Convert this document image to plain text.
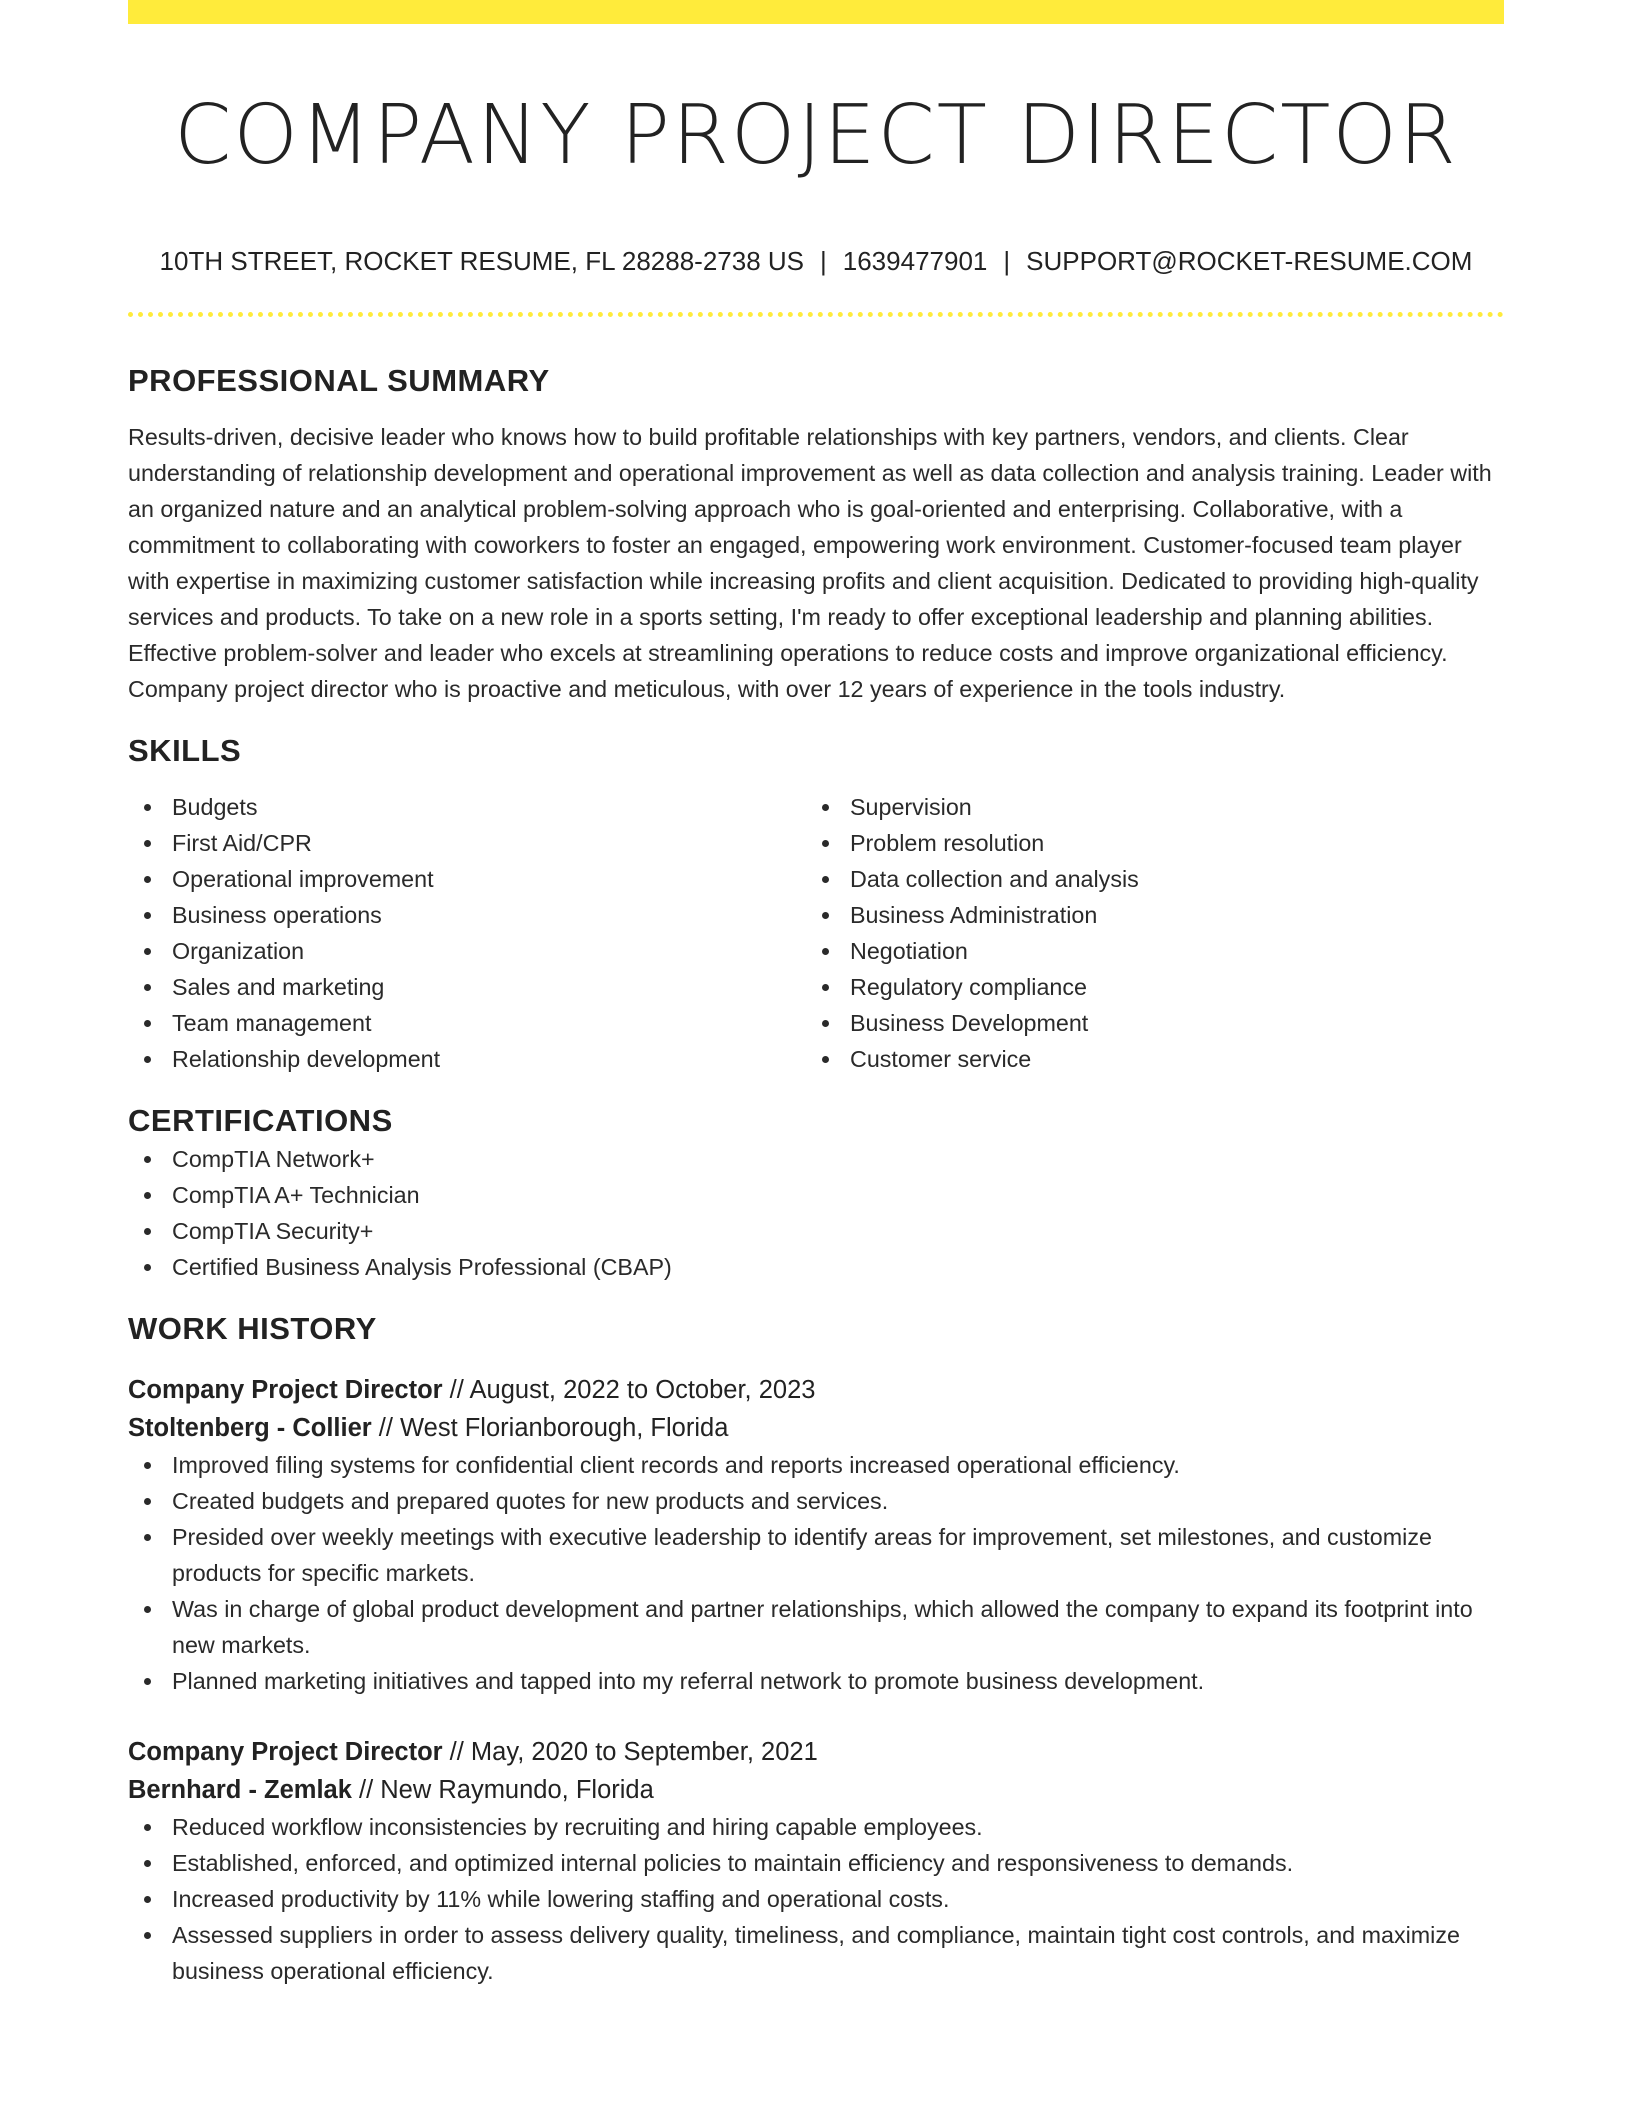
COMPANY PROJECT DIRECTOR
10TH STREET, ROCKET RESUME, FL 28288-2738 US | 1639477901 | SUPPORT@ROCKET-RESUME.COM
PROFESSIONAL SUMMARY

Results-driven, decisive leader who knows how to build profitable relationships with key partners, vendors, and clients. Clear understanding of relationship development and operational improvement as well as data collection and analysis training. Leader with an organized nature and an analytical problem-solving approach who is goal-oriented and enterprising. Collaborative, with a commitment to collaborating with coworkers to foster an engaged, empowering work environment. Customer-focused team player with expertise in maximizing customer satisfaction while increasing profits and client acquisition. Dedicated to providing high-quality services and products. To take on a new role in a sports setting, I'm ready to offer exceptional leadership and planning abilities. Effective problem-solver and leader who excels at streamlining operations to reduce costs and improve organizational efficiency. Company project director who is proactive and meticulous, with over 12 years of experience in the tools industry.

SKILLS
Budgets
First Aid/CPR
Operational improvement
Business operations
Organization
Sales and marketing
Team management
Relationship development
Supervision
Problem resolution
Data collection and analysis
Business Administration
Negotiation
Regulatory compliance
Business Development
Customer service
CERTIFICATIONS
CompTIA Network+
CompTIA A+ Technician
CompTIA Security+
Certified Business Analysis Professional (CBAP)
WORK HISTORY
Company Project Director // August, 2022 to October, 2023
Stoltenberg - Collier // West Florianborough, Florida
Improved filing systems for confidential client records and reports increased operational efficiency.
Created budgets and prepared quotes for new products and services.
Presided over weekly meetings with executive leadership to identify areas for improvement, set milestones, and customize products for specific markets.
Was in charge of global product development and partner relationships, which allowed the company to expand its footprint into new markets.
Planned marketing initiatives and tapped into my referral network to promote business development.
Company Project Director // May, 2020 to September, 2021
Bernhard - Zemlak // New Raymundo, Florida
Reduced workflow inconsistencies by recruiting and hiring capable employees.
Established, enforced, and optimized internal policies to maintain efficiency and responsiveness to demands.
Increased productivity by 11% while lowering staffing and operational costs.
Assessed suppliers in order to assess delivery quality, timeliness, and compliance, maintain tight cost controls, and maximize business operational efficiency.
